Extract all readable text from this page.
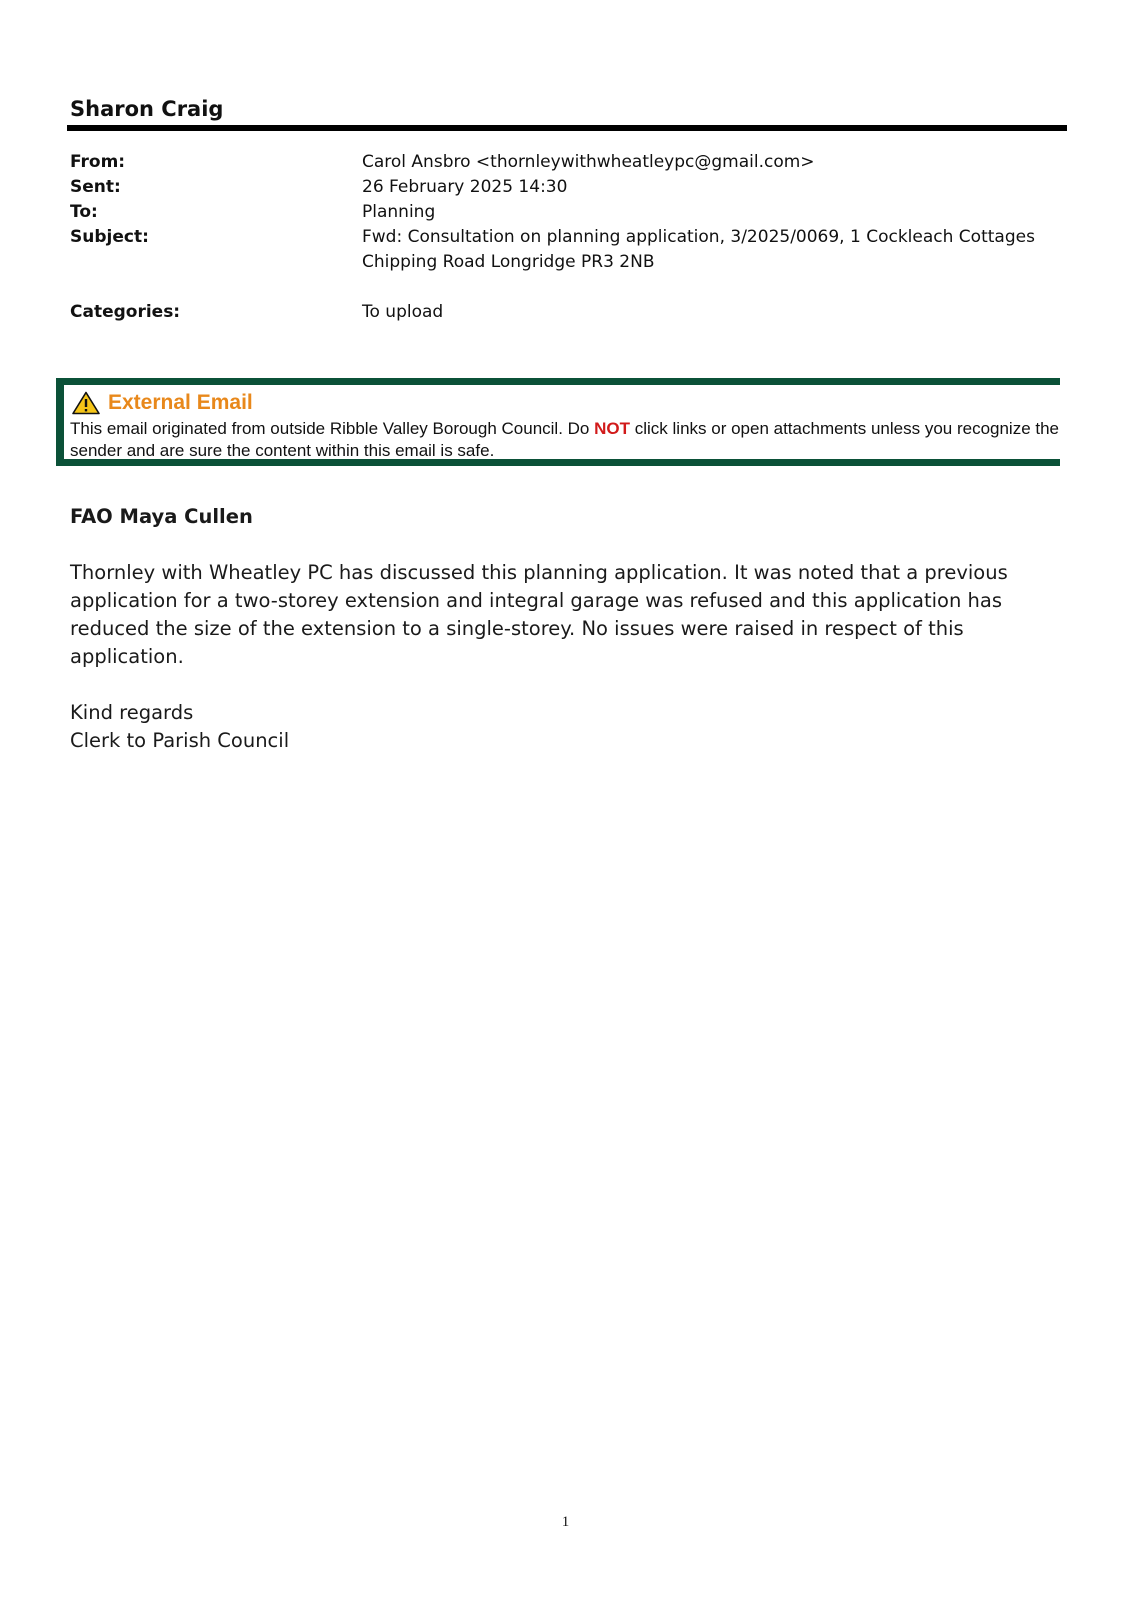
Sharon Craig
From:	Carol Ansbro <thornleywithwheatleypc@gmail.com>
Sent:	26 February 2025 14:30
To:	Planning
Subject:	Fwd: Consultation on planning application, 3/2025/0069, 1 Cockleach Cottages Chipping Road Longridge PR3 2NB
Categories:	To upload
External Email
This email originated from outside Ribble Valley Borough Council. Do NOT click links or open attachments unless you recognize the sender and are sure the content within this email is safe.
FAO Maya Cullen
Thornley with Wheatley PC has discussed this planning application. It was noted that a previous application for a two-storey extension and integral garage was refused and this application has reduced the size of the extension to a single-storey. No issues were raised in respect of this application.
Kind regards
Clerk to Parish Council
1
